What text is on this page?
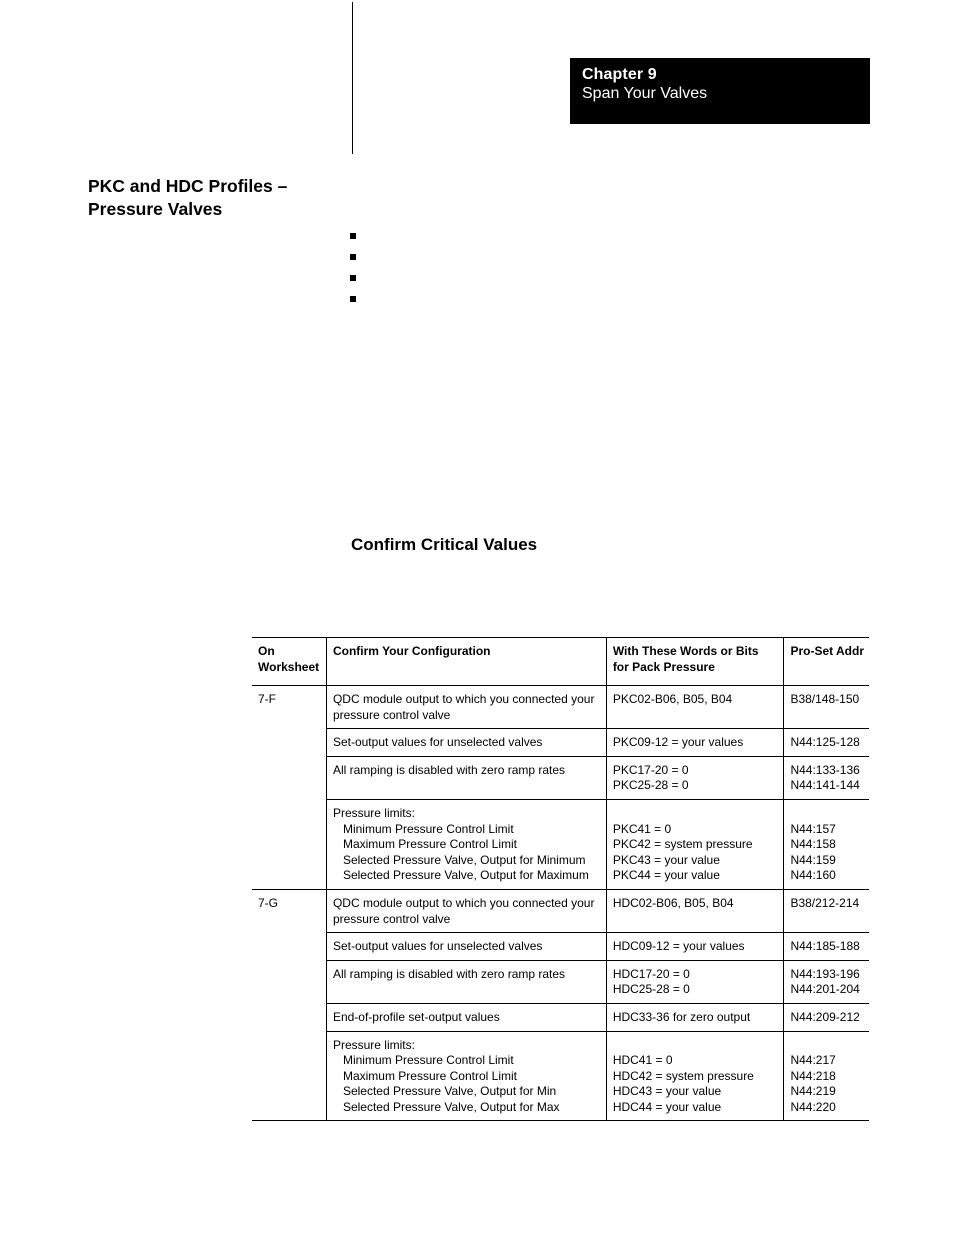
Chapter 9
Span Your Valves
PKC and HDC Profiles –
Pressure Valves
Confirm Critical Values
On
Worksheet	Confirm Your Configuration	With These Words or Bits
for Pack Pressure	Pro-Set Addr

7-F	QDC module output to which you connected your
pressure control valve	PKC02-B06, B05, B04	B38/148-150

	Set-output values for unselected valves	PKC09-12 = your values	N44:125-128

	All ramping is disabled with zero ramp rates	PKC17-20 = 0
PKC25-28 = 0	N44:133-136
N44:141-144

	Pressure limits:
Minimum Pressure Control Limit
Maximum Pressure Control Limit
Selected Pressure Valve, Output for Minimum
Selected Pressure Valve, Output for Maximum	PKC41 = 0
PKC42 = system pressure
PKC43 = your value
PKC44 = your value	N44:157
N44:158
N44:159
N44:160

7-G	QDC module output to which you connected your
pressure control valve	HDC02-B06, B05, B04	B38/212-214

	Set-output values for unselected valves	HDC09-12 = your values	N44:185-188

	All ramping is disabled with zero ramp rates	HDC17-20 = 0
HDC25-28 = 0	N44:193-196
N44:201-204

	End-of-profile set-output values	HDC33-36 for zero output	N44:209-212

	Pressure limits:
Minimum Pressure Control Limit
Maximum Pressure Control Limit
Selected Pressure Valve, Output for Min
Selected Pressure Valve, Output for Max	HDC41 = 0
HDC42 = system pressure
HDC43 = your value
HDC44 = your value	N44:217
N44:218
N44:219
N44:220
